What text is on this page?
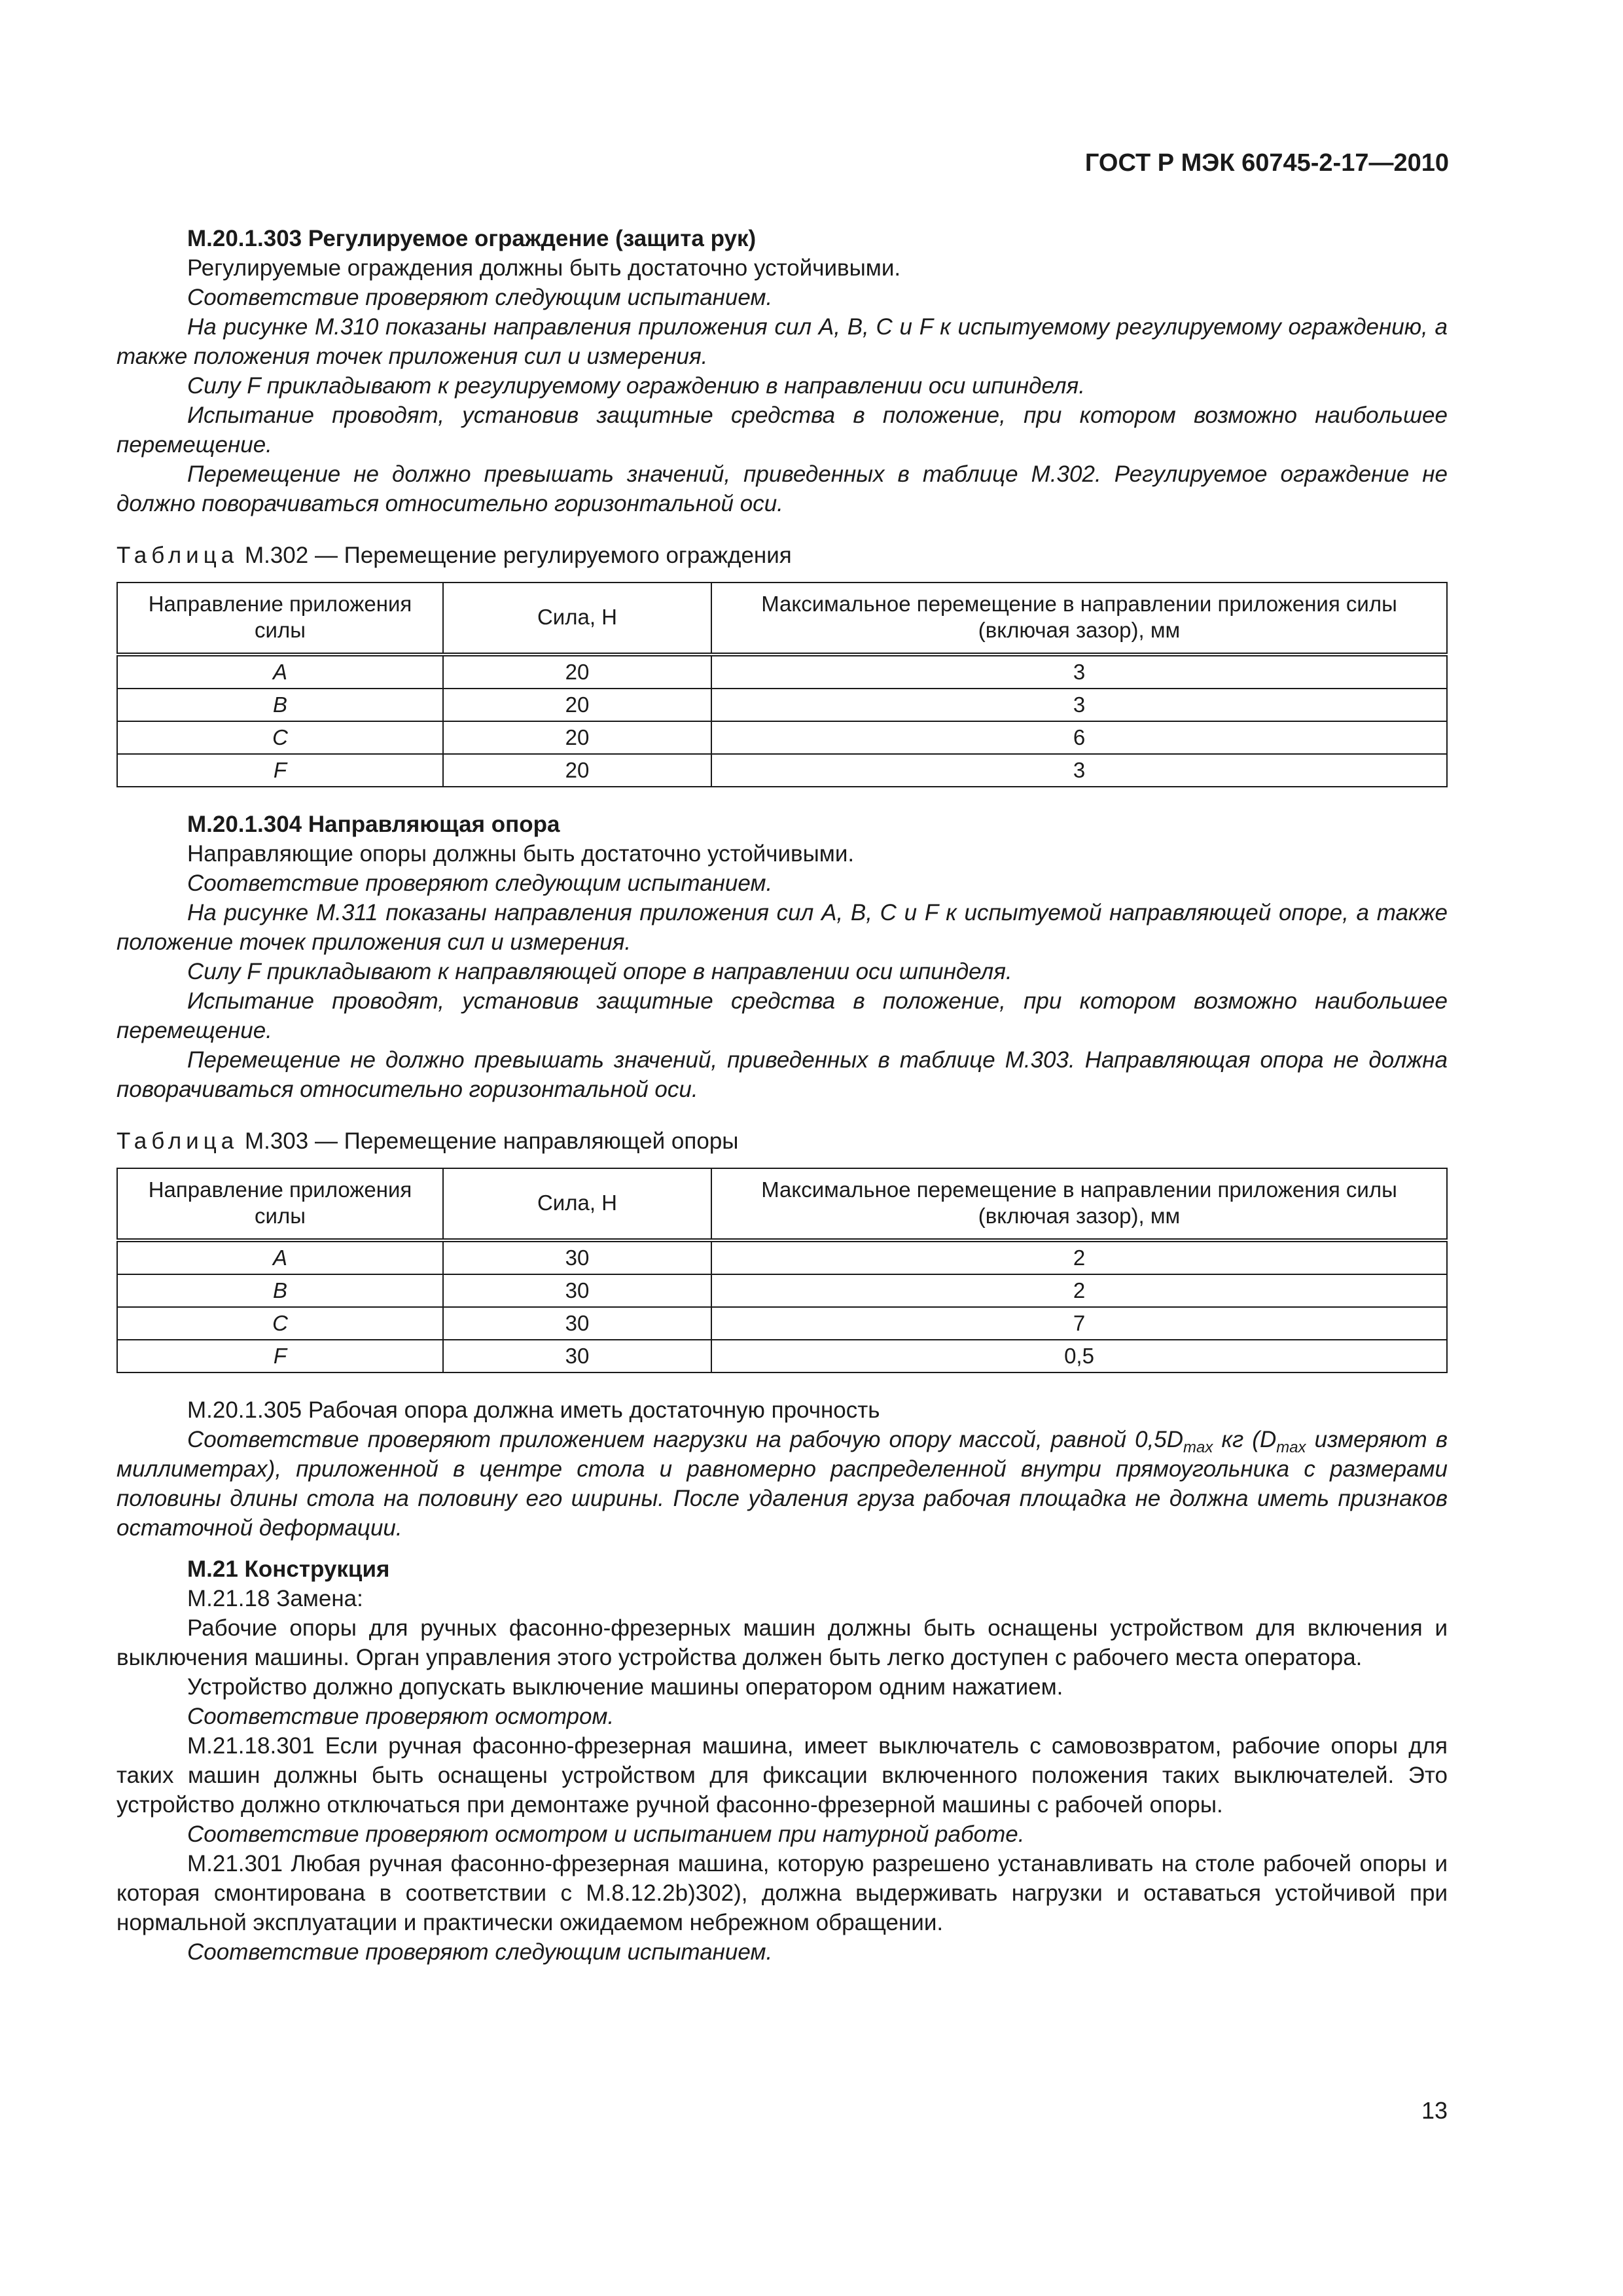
ГОСТ Р МЭК 60745-2-17—2010

М.20.1.303 Регулируемое ограждение (защита рук)

Регулируемые ограждения должны быть достаточно устойчивыми.

Соответствие проверяют следующим испытанием.

На рисунке М.310 показаны направления приложения сил A, B, C и F к испытуемому регулируемому ограждению, а также положения точек приложения сил и измерения.

Силу F прикладывают к регулируемому ограждению в направлении оси шпинделя.

Испытание проводят, установив защитные средства в положение, при котором возможно наибольшее перемещение.

Перемещение не должно превышать значений, приведенных в таблице М.302. Регулируемое ограждение не должно поворачиваться относительно горизонтальной оси.

Таблица М.302 — Перемещение регулируемого ограждения

Направление приложения силы	Сила, Н	Максимальное перемещение в направлении приложения силы (включая зазор), мм
A	20	3
B	20	3
C	20	6
F	20	3

М.20.1.304 Направляющая опора

Направляющие опоры должны быть достаточно устойчивыми.

Соответствие проверяют следующим испытанием.

На рисунке М.311 показаны направления приложения сил A, B, C и F к испытуемой направляющей опоре, а также положение точек приложения сил и измерения.

Силу F прикладывают к направляющей опоре в направлении оси шпинделя.

Испытание проводят, установив защитные средства в положение, при котором возможно наибольшее перемещение.

Перемещение не должно превышать значений, приведенных в таблице М.303. Направляющая опора не должна поворачиваться относительно горизонтальной оси.

Таблица М.303 — Перемещение направляющей опоры

Направление приложения силы	Сила, Н	Максимальное перемещение в направлении приложения силы (включая зазор), мм
A	30	2
B	30	2
C	30	7
F	30	0,5

М.20.1.305 Рабочая опора должна иметь достаточную прочность

Соответствие проверяют приложением нагрузки на рабочую опору массой, равной $0,5D_{max}$ кг ($D_{max}$ измеряют в миллиметрах), приложенной в центре стола и равномерно распределенной внутри прямоугольника с размерами половины длины стола на половину его ширины. После удаления груза рабочая площадка не должна иметь признаков остаточной деформации.

М.21 Конструкция

М.21.18 Замена:

Рабочие опоры для ручных фасонно-фрезерных машин должны быть оснащены устройством для включения и выключения машины. Орган управления этого устройства должен быть легко доступен с рабочего места оператора.

Устройство должно допускать выключение машины оператором одним нажатием.

Соответствие проверяют осмотром.

М.21.18.301 Если ручная фасонно-фрезерная машина, имеет выключатель с самовозвратом, рабочие опоры для таких машин должны быть оснащены устройством для фиксации включенного положения таких выключателей. Это устройство должно отключаться при демонтаже ручной фасонно-фрезерной машины с рабочей опоры.

Соответствие проверяют осмотром и испытанием при натурной работе.

М.21.301 Любая ручная фасонно-фрезерная машина, которую разрешено устанавливать на столе рабочей опоры и которая смонтирована в соответствии с М.8.12.2b)302), должна выдерживать нагрузки и оставаться устойчивой при нормальной эксплуатации и практически ожидаемом небрежном обращении.

Соответствие проверяют следующим испытанием.

13
